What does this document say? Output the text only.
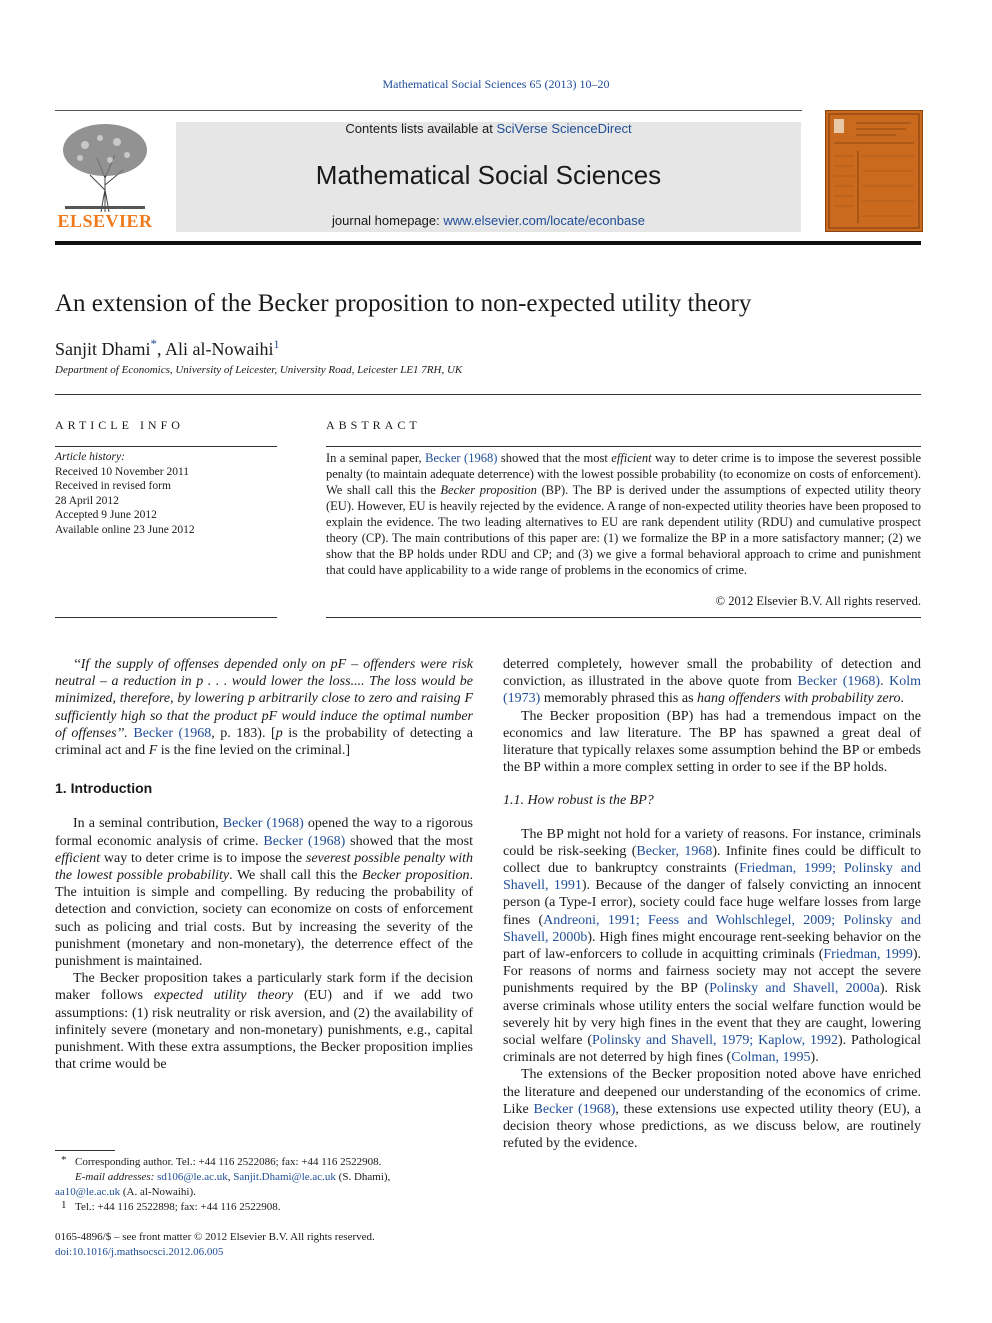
Mathematical Social Sciences 65 (2013) 10–20
ELSEVIER
Contents lists available at SciVerse ScienceDirect
Mathematical Social Sciences
journal homepage: www.elsevier.com/locate/econbase
An extension of the Becker proposition to non-expected utility theory
Sanjit Dhami*, Ali al-Nowaihi$^1$
Department of Economics, University of Leicester, University Road, Leicester LE1 7RH, UK
ARTICLE INFO	ABSTRACT
Article history:
Received 10 November 2011
Received in revised form
28 April 2012
Accepted 9 June 2012
Available online 23 June 2012
In a seminal paper, Becker (1968) showed that the most efficient way to deter crime is to impose the severest possible penalty (to maintain adequate deterrence) with the lowest possible probability (to economize on costs of enforcement). We shall call this the Becker proposition (BP). The BP is derived under the assumptions of expected utility theory (EU). However, EU is heavily rejected by the evidence. A range of non-expected utility theories have been proposed to explain the evidence. The two leading alternatives to EU are rank dependent utility (RDU) and cumulative prospect theory (CP). The main contributions of this paper are: (1) we formalize the BP in a more satisfactory manner; (2) we show that the BP holds under RDU and CP; and (3) we give a formal behavioral approach to crime and punishment that could have applicability to a wide range of problems in the economics of crime.
© 2012 Elsevier B.V. All rights reserved.

‘‘If the supply of offenses depended only on pF – offenders were risk neutral – a reduction in p . . . would lower the loss.... The loss would be minimized, therefore, by lowering p arbitrarily close to zero and raising F sufficiently high so that the product pF would induce the optimal number of offenses’’. Becker (1968, p. 183). [p is the probability of detecting a criminal act and F is the fine levied on the criminal.]

1. Introduction

In a seminal contribution, Becker (1968) opened the way to a rigorous formal economic analysis of crime. Becker (1968) showed that the most efficient way to deter crime is to impose the severest possible penalty with the lowest possible probability. We shall call this the Becker proposition. The intuition is simple and compelling. By reducing the probability of detection and conviction, society can economize on costs of enforcement such as policing and trial costs. But by increasing the severity of the punishment (monetary and non-monetary), the deterrence effect of the punishment is maintained.

The Becker proposition takes a particularly stark form if the decision maker follows expected utility theory (EU) and if we add two assumptions: (1) risk neutrality or risk aversion, and (2) the availability of infinitely severe (monetary and non-monetary) punishments, e.g., capital punishment. With these extra assumptions, the Becker proposition implies that crime would be

deterred completely, however small the probability of detection and conviction, as illustrated in the above quote from Becker (1968). Kolm (1973) memorably phrased this as hang offenders with probability zero.

The Becker proposition (BP) has had a tremendous impact on the economics and law literature. The BP has spawned a great deal of literature that typically relaxes some assumption behind the BP or embeds the BP within a more complex setting in order to see if the BP holds.

1.1. How robust is the BP?

The BP might not hold for a variety of reasons. For instance, criminals could be risk-seeking (Becker, 1968). Infinite fines could be difficult to collect due to bankruptcy constraints (Friedman, 1999; Polinsky and Shavell, 1991). Because of the danger of falsely convicting an innocent person (a Type-I error), society could face huge welfare losses from large fines (Andreoni, 1991; Feess and Wohlschlegel, 2009; Polinsky and Shavell, 2000b). High fines might encourage rent-seeking behavior on the part of law-enforcers to collude in acquitting criminals (Friedman, 1999). For reasons of norms and fairness society may not accept the severe punishments required by the BP (Polinsky and Shavell, 2000a). Risk averse criminals whose utility enters the social welfare function would be severely hit by very high fines in the event that they are caught, lowering social welfare (Polinsky and Shavell, 1979; Kaplow, 1992). Pathological criminals are not deterred by high fines (Colman, 1995).

The extensions of the Becker proposition noted above have enriched the literature and deepened our understanding of the economics of crime. Like Becker (1968), these extensions use expected utility theory (EU), a decision theory whose predictions, as we discuss below, are routinely refuted by the evidence.

* Corresponding author. Tel.: +44 116 2522086; fax: +44 116 2522908.
E-mail addresses: sd106@le.ac.uk, Sanjit.Dhami@le.ac.uk (S. Dhami),
aa10@le.ac.uk (A. al-Nowaihi).
1 Tel.: +44 116 2522898; fax: +44 116 2522908.
0165-4896/$ – see front matter © 2012 Elsevier B.V. All rights reserved.
doi:10.1016/j.mathsocsci.2012.06.005
